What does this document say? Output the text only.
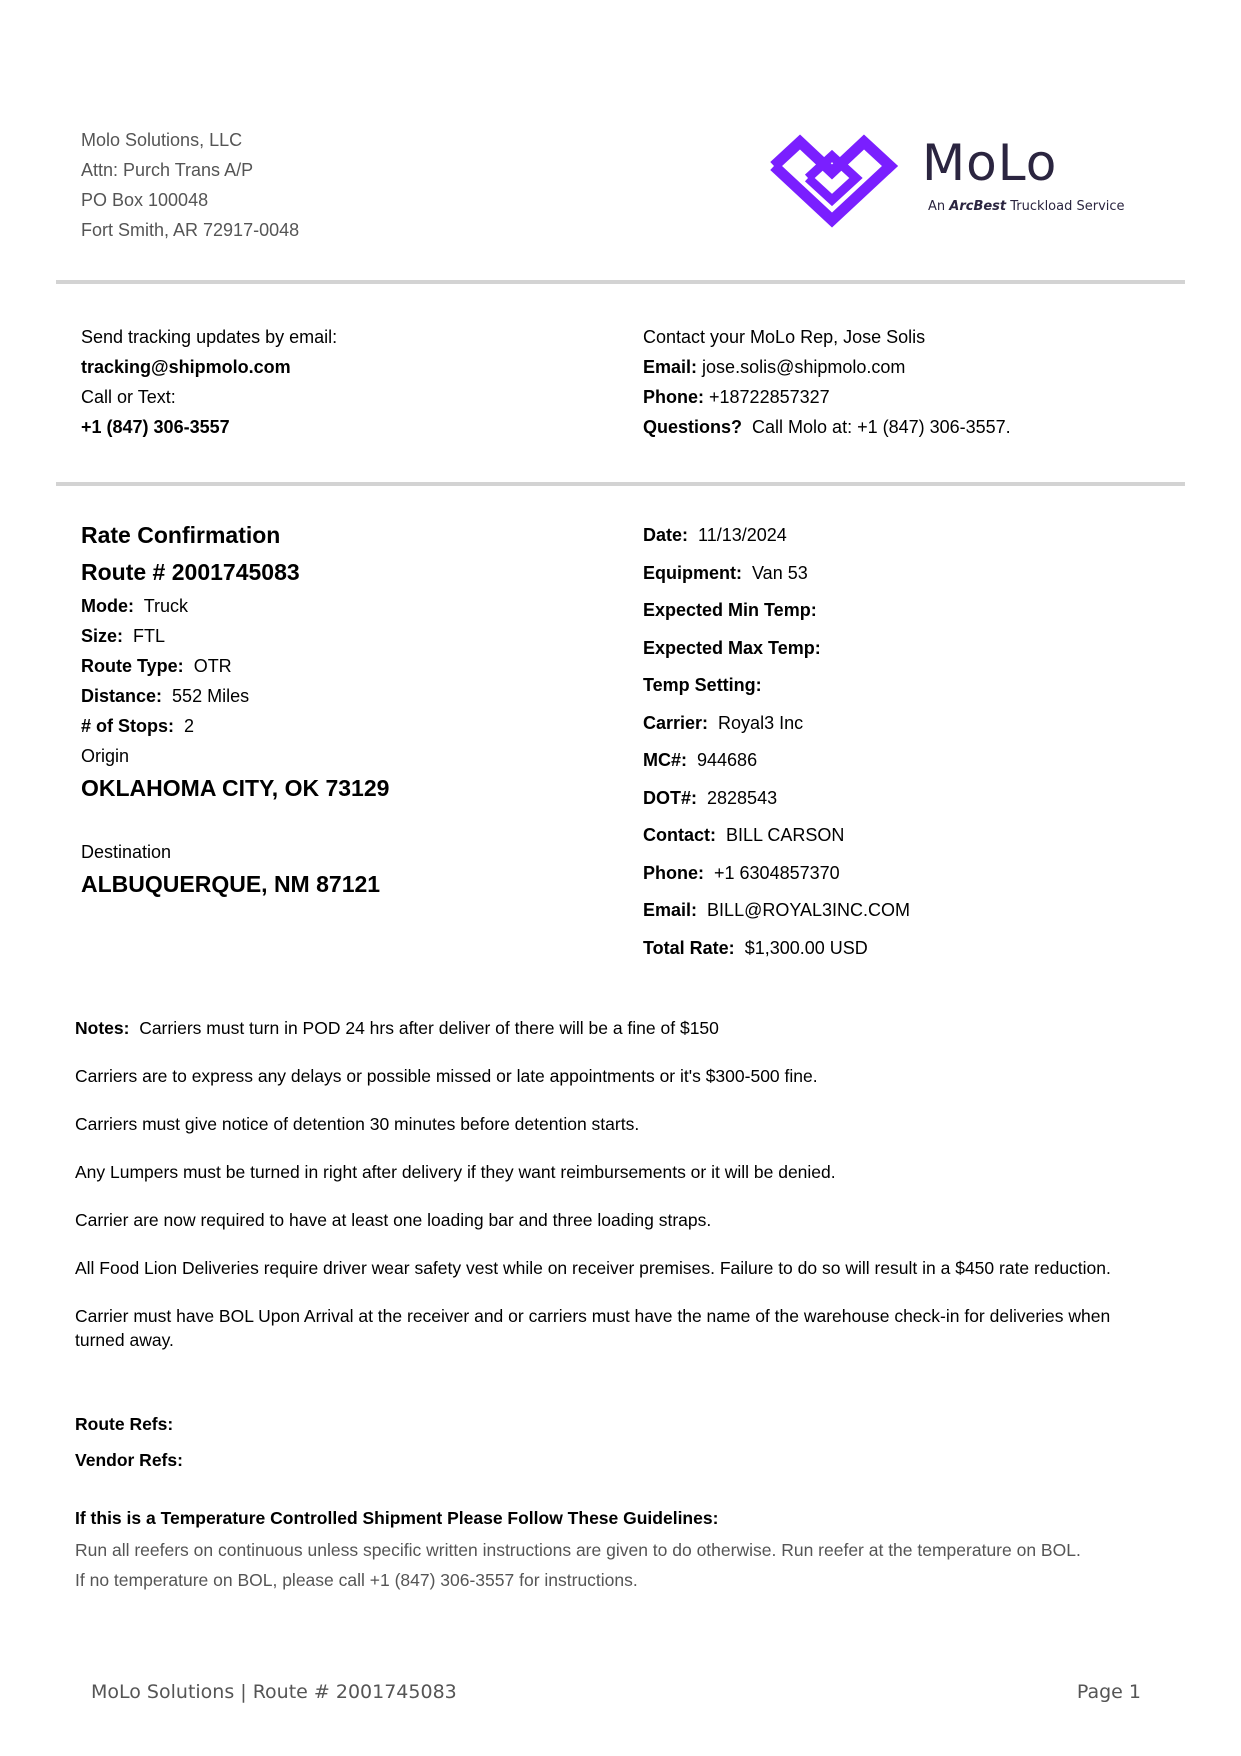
Molo Solutions, LLC
Attn: Purch Trans A/P
PO Box 100048
Fort Smith, AR 72917-0048
MoLo
An ArcBest Truckload Service
Send tracking updates by email:
tracking@shipmolo.com
Call or Text:
+1 (847) 306-3557
Contact your MoLo Rep, Jose Solis
Email: jose.solis@shipmolo.com
Phone: +18722857327
Questions? Call Molo at: +1 (847) 306-3557.
Rate Confirmation
Route # 2001745083
Mode: Truck
Size: FTL
Route Type: OTR
Distance: 552 Miles
# of Stops: 2
Origin
OKLAHOMA CITY, OK 73129
Destination
ALBUQUERQUE, NM 87121
Date: 11/13/2024
Equipment: Van 53
Expected Min Temp:
Expected Max Temp:
Temp Setting:
Carrier: Royal3 Inc
MC#: 944686
DOT#: 2828543
Contact: BILL CARSON
Phone: +1 6304857370
Email: BILL@ROYAL3INC.COM
Total Rate: $1,300.00 USD

Notes: Carriers must turn in POD 24 hrs after deliver of there will be a fine of $150

Carriers are to express any delays or possible missed or late appointments or it's $300-500 fine.

Carriers must give notice of detention 30 minutes before detention starts.

Any Lumpers must be turned in right after delivery if they want reimbursements or it will be denied.

Carrier are now required to have at least one loading bar and three loading straps.

All Food Lion Deliveries require driver wear safety vest while on receiver premises. Failure to do so will result in a $450 rate reduction.

Carrier must have BOL Upon Arrival at the receiver and or carriers must have the name of the warehouse check-in for deliveries when turned away.

Route Refs:
Vendor Refs:
If this is a Temperature Controlled Shipment Please Follow These Guidelines:
Run all reefers on continuous unless specific written instructions are given to do otherwise. Run reefer at the temperature on BOL.
If no temperature on BOL, please call +1 (847) 306-3557 for instructions.
MoLo Solutions | Route # 2001745083	Page 1
